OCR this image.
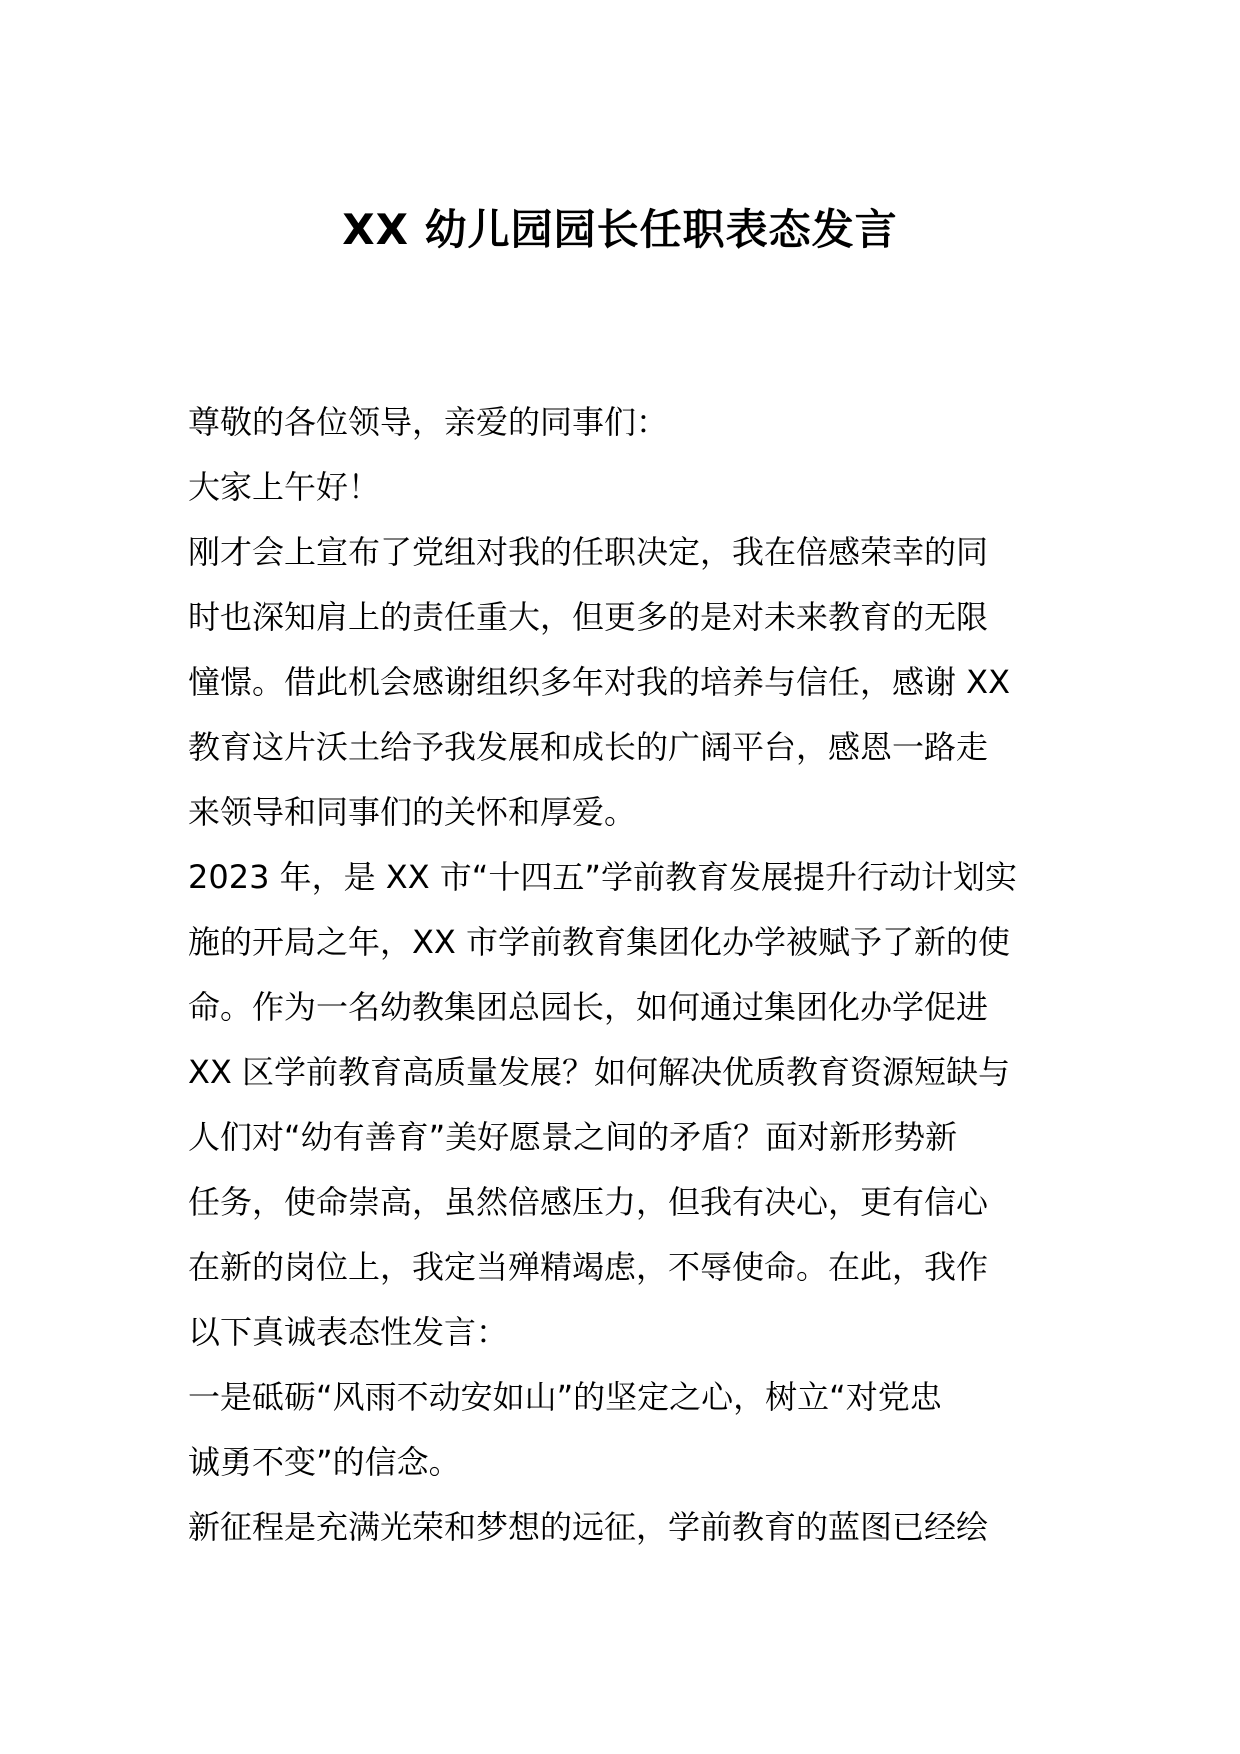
XX 幼儿园园长任职表态发言

尊敬的各位领导，亲爱的同事们：

大家上午好！

刚才会上宣布了党组对我的任职决定，我在倍感荣幸的同

时也深知肩上的责任重大，但更多的是对未来教育的无限

憧憬。借此机会感谢组织多年对我的培养与信任，感谢 XX

教育这片沃土给予我发展和成长的广阔平台，感恩一路走

来领导和同事们的关怀和厚爱。

2023 年，是 XX 市“十四五”学前教育发展提升行动计划实

施的开局之年，XX 市学前教育集团化办学被赋予了新的使

命。作为一名幼教集团总园长，如何通过集团化办学促进

XX 区学前教育高质量发展？如何解决优质教育资源短缺与

人们对“幼有善育”美好愿景之间的矛盾？面对新形势新

任务，使命崇高，虽然倍感压力，但我有决心，更有信心

在新的岗位上，我定当殚精竭虑，不辱使命。在此，我作

以下真诚表态性发言：

一是砥砺“风雨不动安如山”的坚定之心，树立“对党忠

诚勇不变”的信念。

新征程是充满光荣和梦想的远征，学前教育的蓝图已经绘
